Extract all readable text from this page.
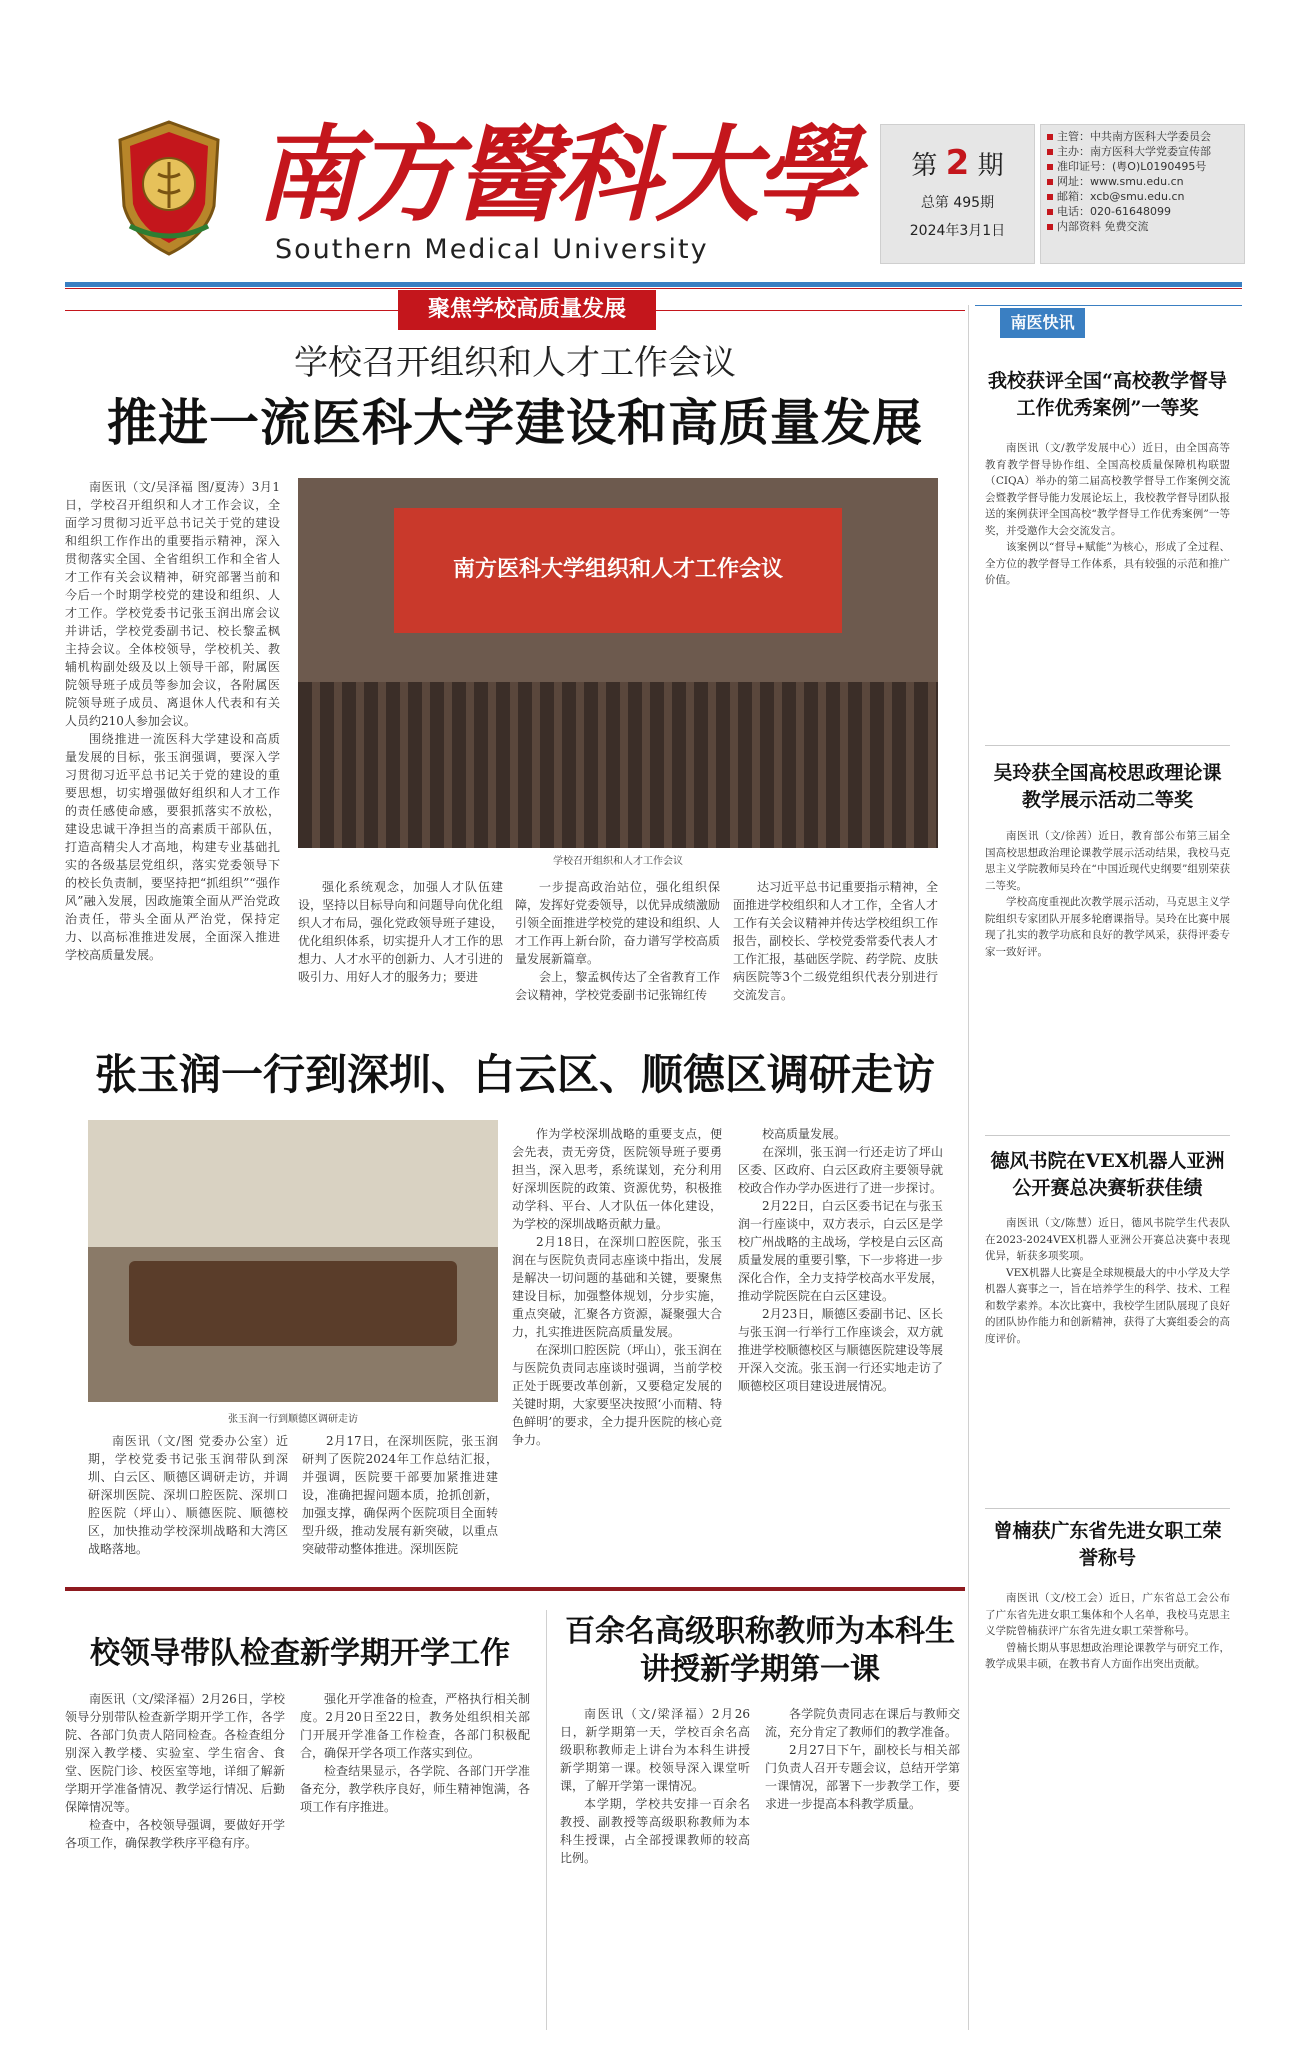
南方醫科大學
Southern Medical University
第 2 期
总第 495期
2024年3月1日
主管：中共南方医科大学委员会
主办：南方医科大学党委宣传部
准印证号：(粤O)L0190495号
网址：www.smu.edu.cn
邮箱：xcb@smu.edu.cn
电话：020-61648099
内部资料 免费交流
聚焦学校高质量发展
学校召开组织和人才工作会议
推进一流医科大学建设和高质量发展

南医讯（文/吴泽福 图/夏涛）3月1日，学校召开组织和人才工作会议，全面学习贯彻习近平总书记关于党的建设和组织工作作出的重要指示精神，深入贯彻落实全国、全省组织工作和全省人才工作有关会议精神，研究部署当前和今后一个时期学校党的建设和组织、人才工作。学校党委书记张玉润出席会议并讲话，学校党委副书记、校长黎孟枫主持会议。全体校领导，学校机关、教辅机构副处级及以上领导干部，附属医院领导班子成员等参加会议，各附属医院领导班子成员、离退休人代表和有关人员约210人参加会议。

围绕推进一流医科大学建设和高质量发展的目标，张玉润强调，要深入学习贯彻习近平总书记关于党的建设的重要思想，切实增强做好组织和人才工作的责任感使命感，要狠抓落实不放松，建设忠诚干净担当的高素质干部队伍，打造高精尖人才高地，构建专业基础扎实的各级基层党组织，落实党委领导下的校长负责制，要坚持把“抓组织”“强作风”融入发展，因政施策全面从严治党政治责任，带头全面从严治党，保持定力、以高标准推进发展，全面深入推进学校高质量发展。

南方医科大学组织和人才工作会议
学校召开组织和人才工作会议

强化系统观念，加强人才队伍建设，坚持以目标导向和问题导向优化组织人才布局，强化党政领导班子建设，优化组织体系，切实提升人才工作的思想力、人才水平的创新力、人才引进的吸引力、用好人才的服务力；要进

一步提高政治站位，强化组织保障，发挥好党委领导，以优异成绩激励引领全面推进学校党的建设和组织、人才工作再上新台阶，奋力谱写学校高质量发展新篇章。

会上，黎孟枫传达了全省教育工作会议精神，学校党委副书记张锦红传

达习近平总书记重要指示精神，全面推进学校组织和人才工作，全省人才工作有关会议精神并传达学校组织工作报告，副校长、学校党委常委代表人才工作汇报，基础医学院、药学院、皮肤病医院等3个二级党组织代表分别进行交流发言。

张玉润一行到深圳、白云区、顺德区调研走访
张玉润一行到顺德区调研走访

南医讯（文/图 党委办公室）近期，学校党委书记张玉润带队到深圳、白云区、顺德区调研走访，并调研深圳医院、深圳口腔医院、深圳口腔医院（坪山）、顺德医院、顺德校区，加快推动学校深圳战略和大湾区战略落地。

2月17日，在深圳医院，张玉润研判了医院2024年工作总结汇报，并强调，医院要干部要加紧推进建设，准确把握问题本质，抢抓创新，加强支撑，确保两个医院项目全面转型升级，推动发展有新突破，以重点突破带动整体推进。深圳医院

作为学校深圳战略的重要支点，便会先表，责无旁贷，医院领导班子要勇担当，深入思考，系统谋划，充分利用好深圳医院的政策、资源优势，积极推动学科、平台、人才队伍一体化建设，为学校的深圳战略贡献力量。

2月18日，在深圳口腔医院，张玉润在与医院负责同志座谈中指出，发展是解决一切问题的基础和关键，要聚焦建设目标，加强整体规划，分步实施，重点突破，汇聚各方资源，凝聚强大合力，扎实推进医院高质量发展。

在深圳口腔医院（坪山），张玉润在与医院负责同志座谈时强调，当前学校正处于既要改革创新，又要稳定发展的关键时期，大家要坚决按照‘小而精、特色鲜明’的要求，全力提升医院的核心竞争力。

校高质量发展。

在深圳，张玉润一行还走访了坪山区委、区政府、白云区政府主要领导就校政合作办学办医进行了进一步探讨。

2月22日，白云区委书记在与张玉润一行座谈中，双方表示，白云区是学校广州战略的主战场，学校是白云区高质量发展的重要引擎，下一步将进一步深化合作，全力支持学校高水平发展，推动学院医院在白云区建设。

2月23日，顺德区委副书记、区长与张玉润一行举行工作座谈会，双方就推进学校顺德校区与顺德医院建设等展开深入交流。张玉润一行还实地走访了顺德校区项目建设进展情况。

校领导带队检查新学期开学工作

南医讯（文/梁泽福）2月26日，学校领导分别带队检查新学期开学工作，各学院、各部门负责人陪同检查。各检查组分别深入教学楼、实验室、学生宿舍、食堂、医院门诊、校医室等地，详细了解新学期开学准备情况、教学运行情况、后勤保障情况等。

检查中，各校领导强调，要做好开学各项工作，确保教学秩序平稳有序。

强化开学准备的检查，严格执行相关制度。2月20日至22日，教务处组织相关部门开展开学准备工作检查，各部门积极配合，确保开学各项工作落实到位。

检查结果显示，各学院、各部门开学准备充分，教学秩序良好，师生精神饱满，各项工作有序推进。

百余名高级职称教师为本科生讲授新学期第一课

南医讯（文/梁泽福）2月26日，新学期第一天，学校百余名高级职称教师走上讲台为本科生讲授新学期第一课。校领导深入课堂听课，了解开学第一课情况。

本学期，学校共安排一百余名教授、副教授等高级职称教师为本科生授课，占全部授课教师的较高比例。

各学院负责同志在课后与教师交流，充分肯定了教师们的教学准备。

2月27日下午，副校长与相关部门负责人召开专题会议，总结开学第一课情况，部署下一步教学工作，要求进一步提高本科教学质量。

南医快讯
我校获评全国“高校教学督导工作优秀案例”一等奖

南医讯（文/教学发展中心）近日，由全国高等教育教学督导协作组、全国高校质量保障机构联盟（CIQA）举办的第二届高校教学督导工作案例交流会暨教学督导能力发展论坛上，我校教学督导团队报送的案例获评全国高校“教学督导工作优秀案例”一等奖，并受邀作大会交流发言。

该案例以“督导+赋能”为核心，形成了全过程、全方位的教学督导工作体系，具有较强的示范和推广价值。

吴玲获全国高校思政理论课教学展示活动二等奖

南医讯（文/徐茜）近日，教育部公布第三届全国高校思想政治理论课教学展示活动结果，我校马克思主义学院教师吴玲在“中国近现代史纲要”组别荣获二等奖。

学校高度重视此次教学展示活动，马克思主义学院组织专家团队开展多轮磨课指导。吴玲在比赛中展现了扎实的教学功底和良好的教学风采，获得评委专家一致好评。

德风书院在VEX机器人亚洲公开赛总决赛斩获佳绩

南医讯（文/陈慧）近日，德风书院学生代表队在2023-2024VEX机器人亚洲公开赛总决赛中表现优异，斩获多项奖项。

VEX机器人比赛是全球规模最大的中小学及大学机器人赛事之一，旨在培养学生的科学、技术、工程和数学素养。本次比赛中，我校学生团队展现了良好的团队协作能力和创新精神，获得了大赛组委会的高度评价。

曾楠获广东省先进女职工荣誉称号

南医讯（文/校工会）近日，广东省总工会公布了广东省先进女职工集体和个人名单，我校马克思主义学院曾楠获评广东省先进女职工荣誉称号。

曾楠长期从事思想政治理论课教学与研究工作，教学成果丰硕，在教书育人方面作出突出贡献。
